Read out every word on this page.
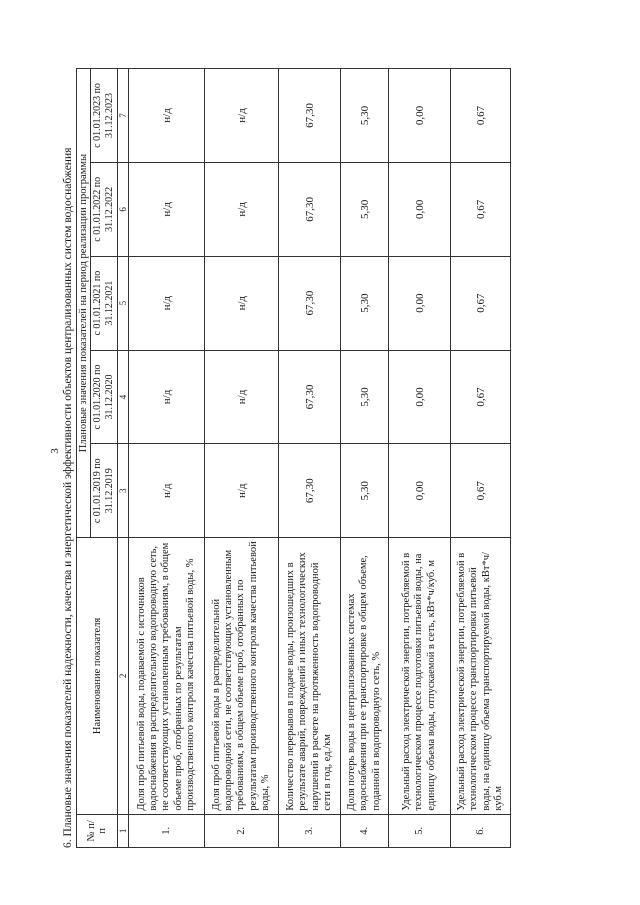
3 6. Плановые значения показателей надежности, качества и энергетической эффективности объектов централизованных систем водоснабжения № п/п	Наименование показателя	Плановые значения показателей на период реализации программы				
		с 01.01.2019 по 31.12.2019	с 01.01.2020 по 31.12.2020	с 01.01.2021 по 31.12.2021	с 01.01.2022 по 31.12.2022	с 01.01.2023 по 31.12.2023
1	2	3	4	5	6	7
1.	Доля проб питьевой воды, подаваемой с источников водоснабжения в распределительную водопроводную сеть, не соответствующих установленным требованиям, в общем объеме проб, отобранных по результатам производственного контроля качества питьевой воды, %	н/д	н/д	н/д	н/д	н/д
2.	Доля проб питьевой воды в распределительной водопроводной сети, не соответствующих установленным требованиям, в общем объеме проб, отобранных по результатам производственного контроля качества питьевой воды, %	н/д	н/д	н/д	н/д	н/д
3.	Количество перерывов в подаче воды, произошедших в результате аварий, повреждений и иных технологических нарушений в расчете на протяженность водопроводной сети в год, ед./км	67,30	67,30	67,30	67,30	67,30
4.	Доля потерь воды в централизованных системах водоснабжения при ее транспортировке в общем объеме, поданной в водопроводную сеть, %	5,30	5,30	5,30	5,30	5,30
5.	Удельный расход электрической энергии, потребляемой в технологическом процессе подготовки питьевой воды, на единицу объема воды, отпускаемой в сеть, кВт*ч/куб. м	0,00	0,00	0,00	0,00	0,00
6.	Удельный расход электрической энергии, потребляемой в технологическом процессе транспортировки питьевой воды, на единицу объема транспортируемой воды, кВт*ч/куб.м	0,67	0,67	0,67	0,67	0,67
